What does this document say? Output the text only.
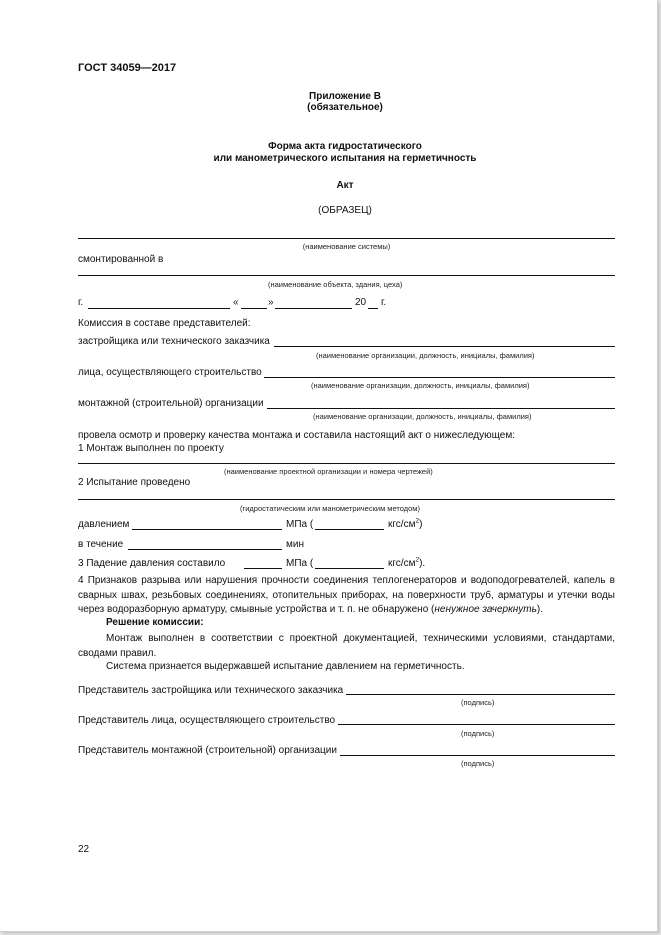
ГОСТ 34059—2017
Приложение В
(обязательное)
Форма акта гидростатического
или манометрического испытания на герметичность
Акт
(ОБРАЗЕЦ)
(наименование системы)
смонтированной в
(наименование объекта, здания, цеха)
г.	«	»	20 г.
Комиссия в составе представителей:
застройщика или технического заказчика
(наименование организации, должность, инициалы, фамилия)
лица, осуществляющего строительство
(наименование организации, должность, инициалы, фамилия)
монтажной (строительной) организации
(наименование организации, должность, инициалы, фамилия)
провела осмотр и проверку качества монтажа и составила настоящий акт о нижеследующем:
1 Монтаж выполнен по проекту
(наименование проектной организации и номера чертежей)
2 Испытание проведено
(гидростатическим или манометрическим методом)
давлением	МПа (	кгс/$см^2$)
в течение	мин
3 Падение давления составило	МПа (	кгс/$см^2$).
4 Признаков разрыва или нарушения прочности соединения теплогенераторов и водоподогревателей, капель в сварных швах, резьбовых соединениях, отопительных приборах, на поверхности труб, арматуры и утечки воды через водоразборную арматуру, смывные устройства и т. п. не обнаружено (ненужное зачеркнуть).
Решение комиссии:
Монтаж выполнен в соответствии с проектной документацией, техническими условиями, стандартами, сводами правил.
Система признается выдержавшей испытание давлением на герметичность.
Представитель застройщика или технического заказчика
(подпись)
Представитель лица, осуществляющего строительство
(подпись)
Представитель монтажной (строительной) организации
(подпись)
22
